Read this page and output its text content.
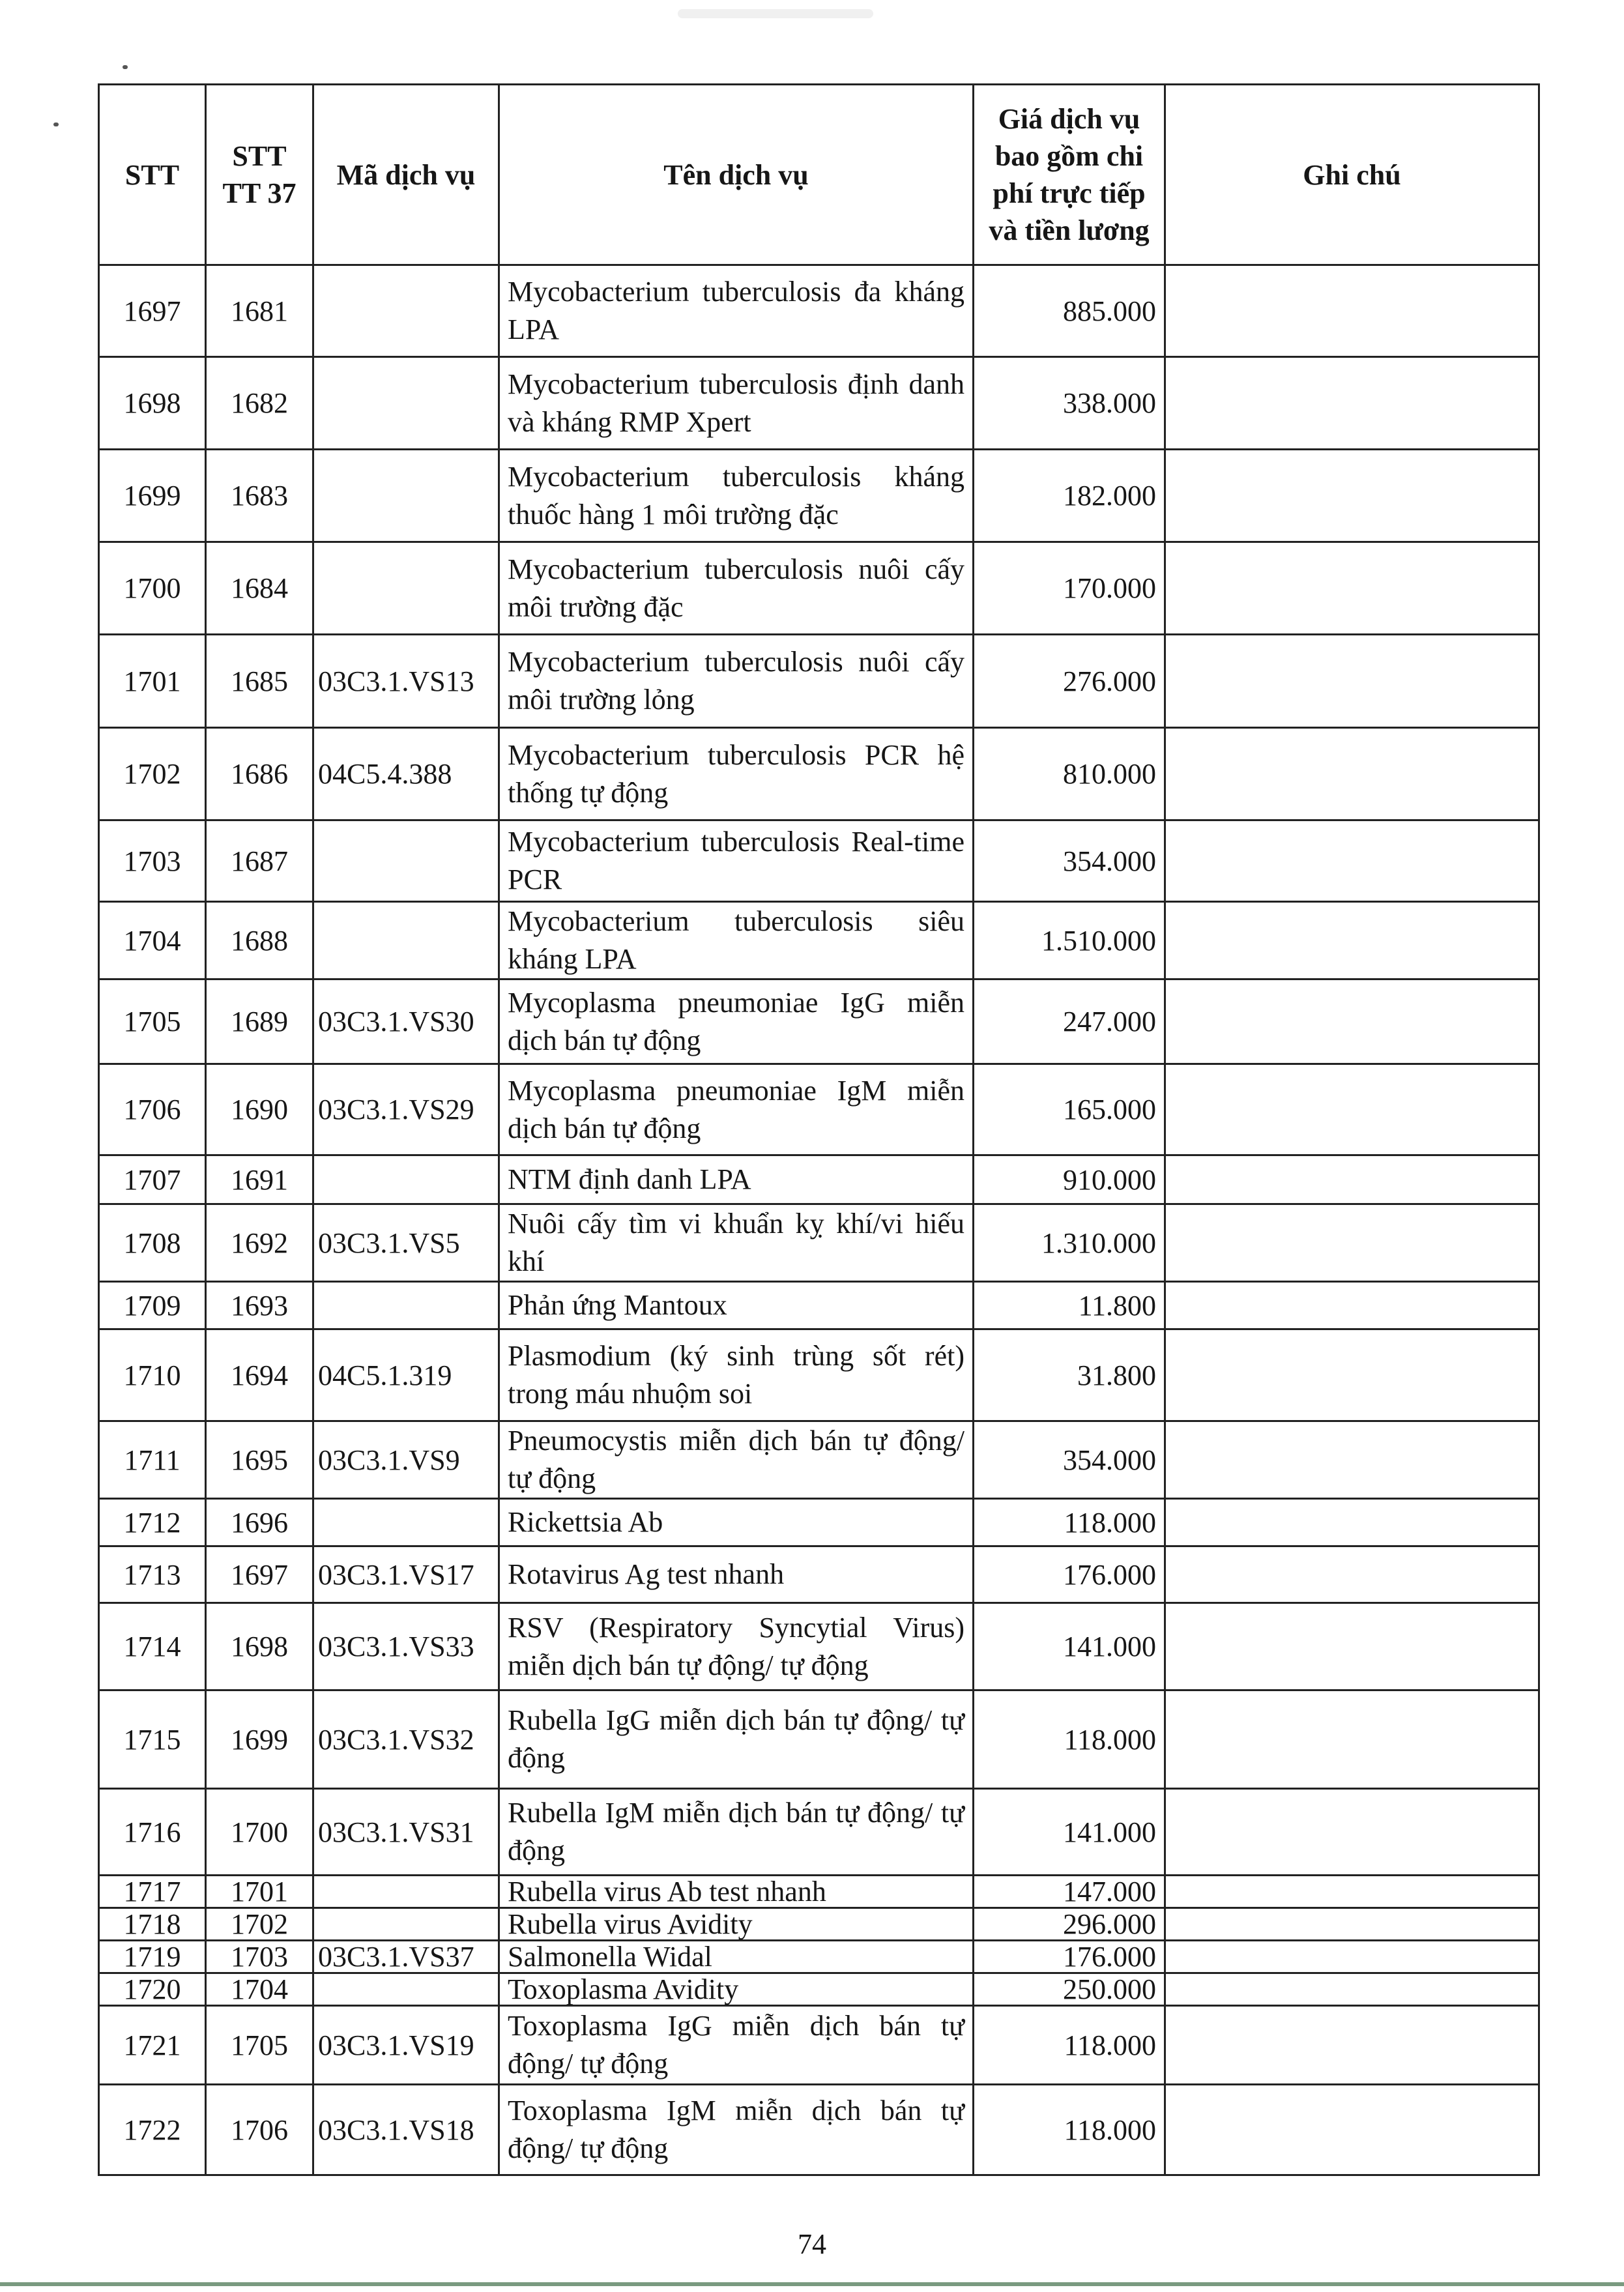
STT	STT TT 37	Mã dịch vụ	Tên dịch vụ	Giá dịch vụ bao gồm chi phí trực tiếp và tiền lương	Ghi chú
1697	1681		Mycobacterium tuberculosis đa kháng LPA	885.000	
1698	1682		Mycobacterium tuberculosis định danh và kháng RMP Xpert	338.000	
1699	1683		Mycobacterium tuberculosis kháng thuốc hàng 1 môi trường đặc	182.000	
1700	1684		Mycobacterium tuberculosis nuôi cấy môi trường đặc	170.000	
1701	1685	03C3.1.VS13	Mycobacterium tuberculosis nuôi cấy môi trường lỏng	276.000	
1702	1686	04C5.4.388	Mycobacterium tuberculosis PCR hệ thống tự động	810.000	
1703	1687		Mycobacterium tuberculosis Real-time PCR	354.000	
1704	1688		Mycobacterium tuberculosis siêu kháng LPA	1.510.000	
1705	1689	03C3.1.VS30	Mycoplasma pneumoniae IgG miễn dịch bán tự động	247.000	
1706	1690	03C3.1.VS29	Mycoplasma pneumoniae IgM miễn dịch bán tự động	165.000	
1707	1691		NTM định danh LPA	910.000	
1708	1692	03C3.1.VS5	Nuôi cấy tìm vi khuẩn kỵ khí/vi hiếu khí	1.310.000	
1709	1693		Phản ứng Mantoux	11.800	
1710	1694	04C5.1.319	Plasmodium (ký sinh trùng sốt rét) trong máu nhuộm soi	31.800	
1711	1695	03C3.1.VS9	Pneumocystis miễn dịch bán tự động/ tự động	354.000	
1712	1696		Rickettsia Ab	118.000	
1713	1697	03C3.1.VS17	Rotavirus Ag test nhanh	176.000	
1714	1698	03C3.1.VS33	RSV (Respiratory Syncytial Virus) miễn dịch bán tự động/ tự động	141.000	
1715	1699	03C3.1.VS32	Rubella IgG miễn dịch bán tự động/ tự động	118.000	
1716	1700	03C3.1.VS31	Rubella IgM miễn dịch bán tự động/ tự động	141.000	
1717	1701		Rubella virus Ab test nhanh	147.000	
1718	1702		Rubella virus Avidity	296.000	
1719	1703	03C3.1.VS37	Salmonella Widal	176.000	
1720	1704		Toxoplasma Avidity	250.000	
1721	1705	03C3.1.VS19	Toxoplasma IgG miễn dịch bán tự động/ tự động	118.000	
1722	1706	03C3.1.VS18	Toxoplasma IgM miễn dịch bán tự động/ tự động	118.000	
74
